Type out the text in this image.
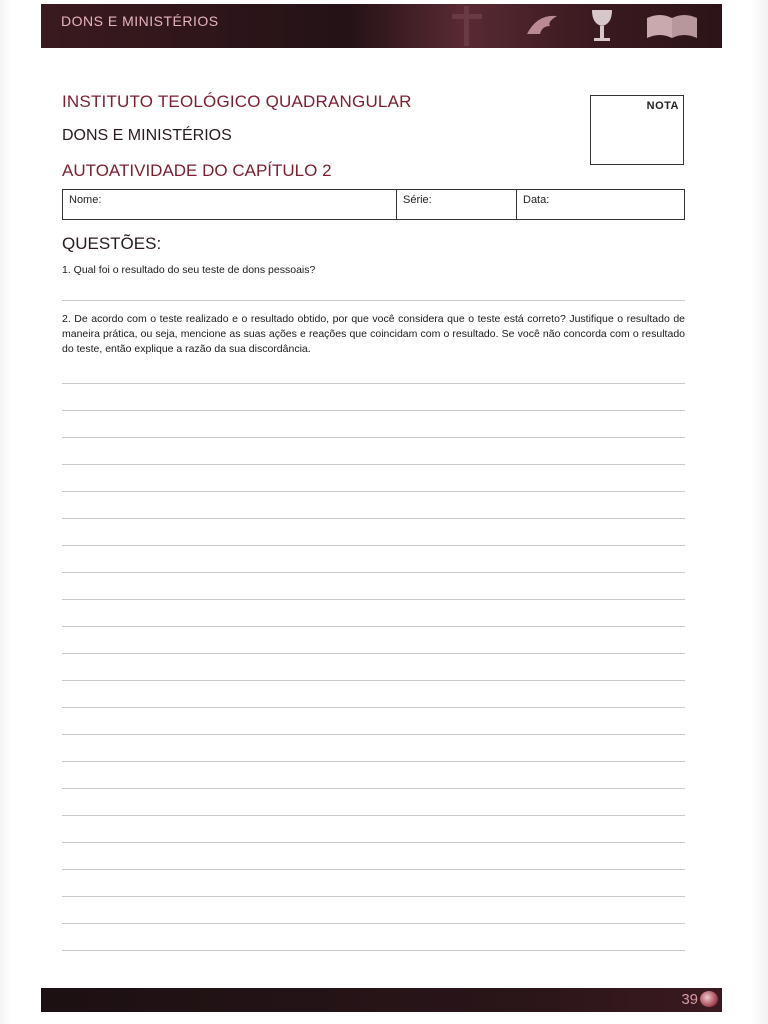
DONS E MINISTÉRIOS
INSTITUTO TEOLÓGICO QUADRANGULAR
DONS E MINISTÉRIOS
AUTOATIVIDADE DO CAPÍTULO 2
NOTA
Nome:	Série:	Data:
QUESTÕES:
1. Qual foi o resultado do seu teste de dons pessoais?
2. De acordo com o teste realizado e o resultado obtido, por que você considera que o teste está correto? Justifique o resultado de maneira prática, ou seja, mencione as suas ações e reações que coincidam com o resultado. Se você não concorda com o resultado do teste, então explique a razão da sua discordância.
39
